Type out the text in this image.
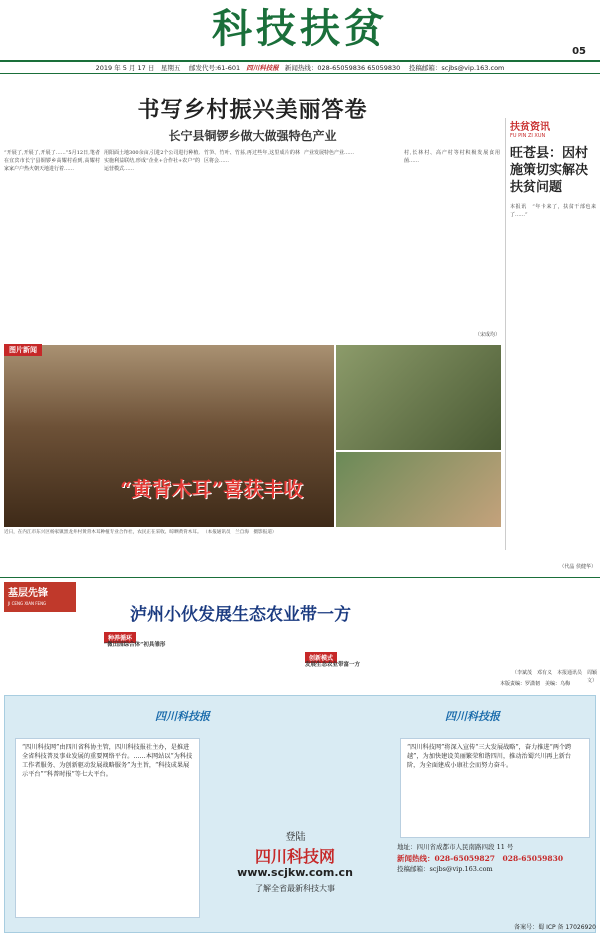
科技扶贫	05
2019 年 5 月 17 日　星期五　 邮发代号:61-601 四川科技报 新闻热线：028-65059836 65059830　 投稿邮箱：scjbs@vip.163.com
书写乡村振兴美丽答卷
长宁县铜锣乡做大做强特色产业
“开展了,开展了,开展了……”5月12日,笔者在宜宾市长宁县铜锣乡高耀村看到,高耀村家家户户热火朝天地进行着……
用阳面土地300余亩,引进2个公司进行种植,实施利益联结,形成“企业+合作社+农户”的运营模式……
竹笋、竹叶、竹荪,再过些年,这里成片的林区将会……
产业发展特色产业……	村,长林村、高产村等村积极发展食用菌……
（宋成均）
扶贫资讯
FU PIN ZI XUN
旺苍县：因村施策切实解决扶贫问题
本报讯　“年卡来了，扶贫干部也来了……”
（代晶 侯健华）
图片新闻
“黄背木耳”喜获丰收
近日，在内江市东兴区杨家镇黑龙井村黄背木耳种植专业合作社，农民正在采收、晾晒黄背木耳。 （本报通讯员　兰自海　摄影报道）
基层先锋
JI CENG XIAN FENG
泸州小伙发展生态农业带一方
种养循环
“微田园综合体”初具雏形
创新模式
发展生态农业带富一方
（李斌茂　邓有义　本报通讯员　周颖文）
本版责编：罗潇韧　美编：乌梅
四川科技报	四川科技报
“四川科技网”由四川省科协主管，四川科技报社主办，是推进全省科技普及事业发展的重要网络平台。……本网站以“为科技工作者服务、为创新驱动发展战略服务”为主旨，“科技成果展示平台”“科普时报”等七大平台。
“四川科技网”将深入宣传“三大发展战略”，奋力推进“两个跨越”，为加快建设美丽繁荣和谐四川，推动治蜀兴川再上新台阶，为全面建成小康社会而努力奋斗。
登陆
四川科技网
www.scjkw.com.cn
了解全省最新科技大事
地址：四川省成都市人民南路四段 11 号
新闻热线：028-65059827　028-65059830
投稿邮箱：scjbs@vip.163.com
备案号：蜀 ICP 备 17026920
